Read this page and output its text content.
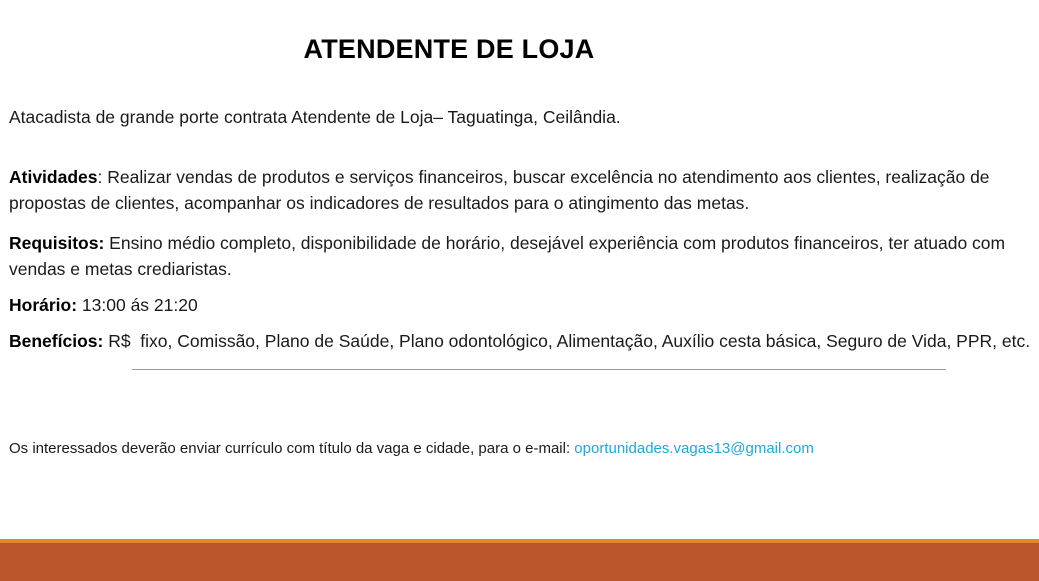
ATENDENTE DE LOJA
Atacadista de grande porte contrata Atendente de Loja– Taguatinga, Ceilândia.
Atividades: Realizar vendas de produtos e serviços financeiros, buscar excelência no atendimento aos clientes, realização de propostas de clientes, acompanhar os indicadores de resultados para o atingimento das metas.
Requisitos: Ensino médio completo, disponibilidade de horário, desejável experiência com produtos financeiros, ter atuado com vendas e metas crediaristas.
Horário: 13:00 ás 21:20
Benefícios: R$  fixo, Comissão, Plano de Saúde, Plano odontológico, Alimentação, Auxílio cesta básica, Seguro de Vida, PPR, etc.
Os interessados deverão enviar currículo com título da vaga e cidade, para o e-mail: oportunidades.vagas13@gmail.com
